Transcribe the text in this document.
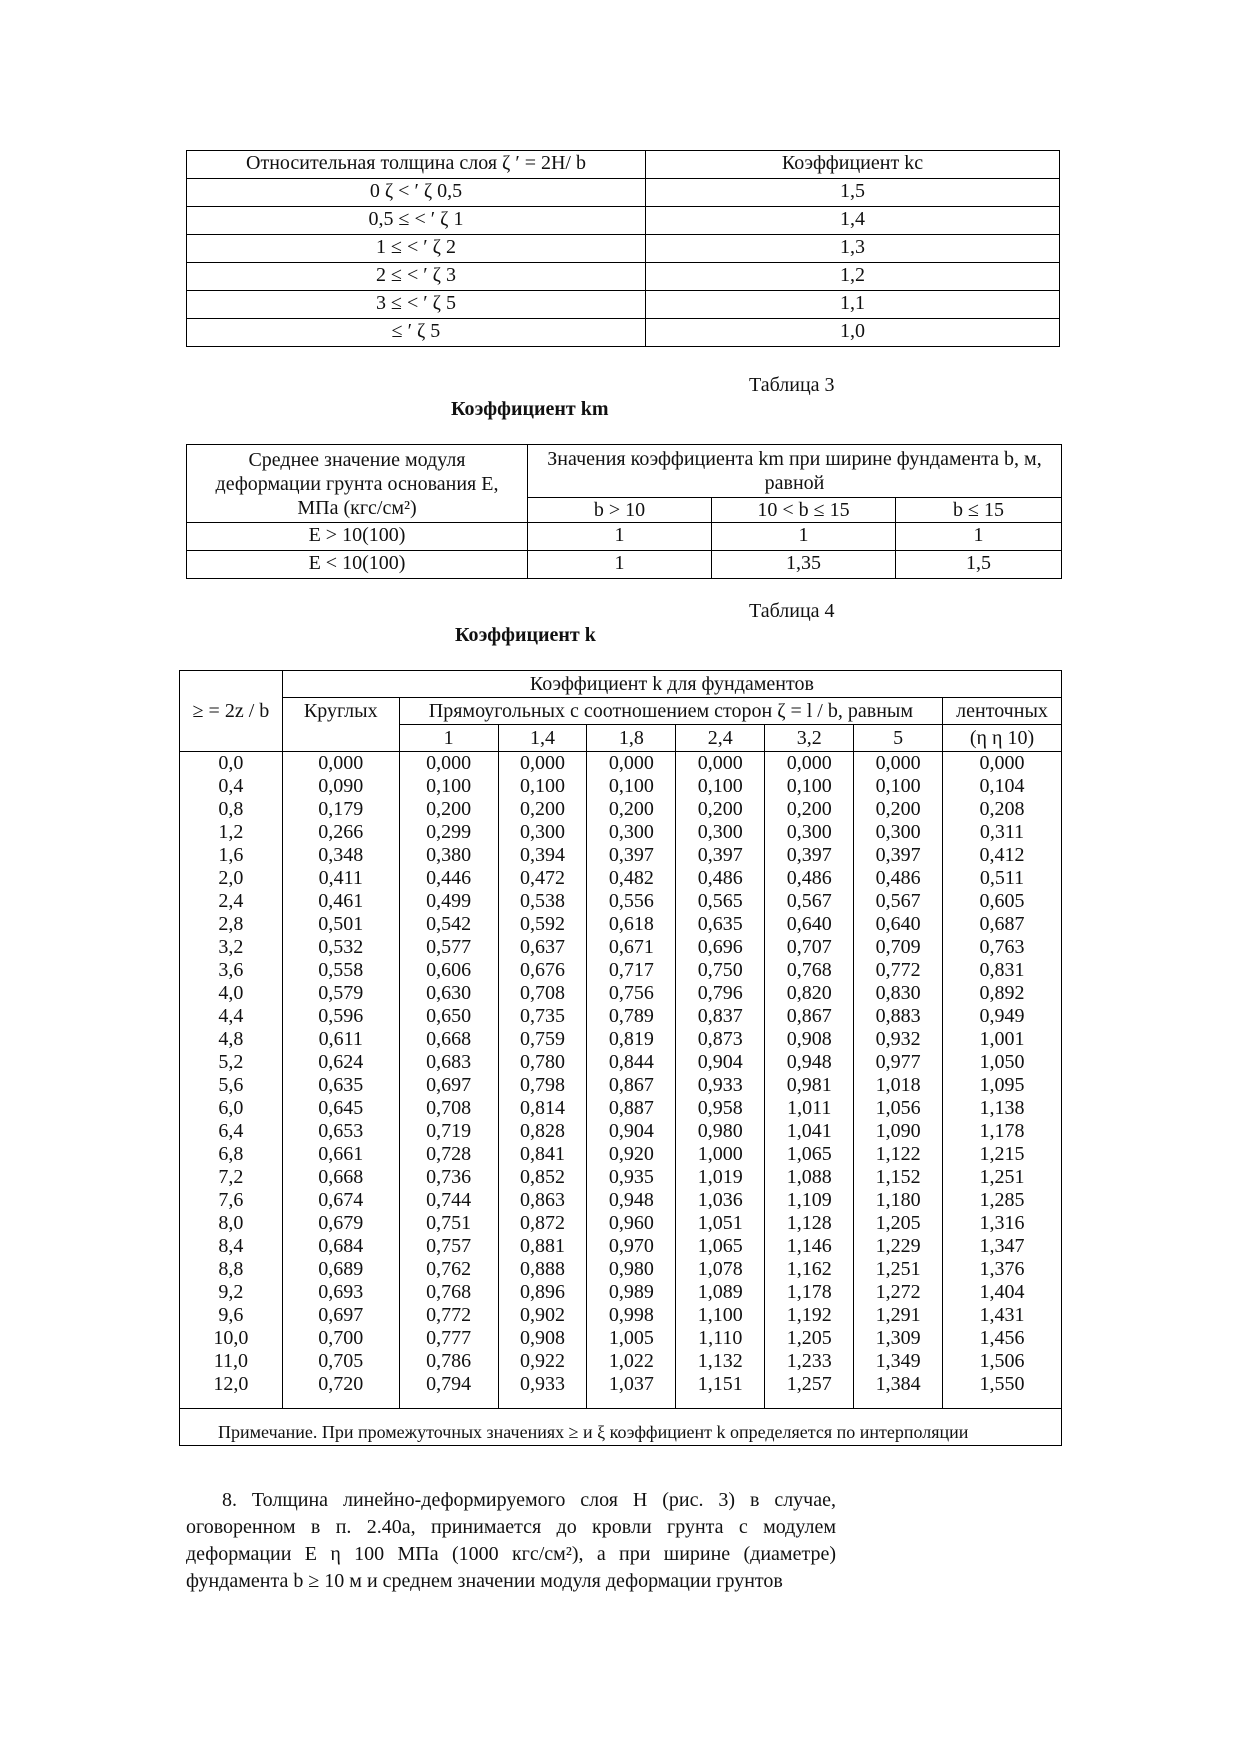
Относительная толщина слоя ζ ′ = 2H/ b	Коэффициент kc
0 ζ < ′ ζ 0,5	1,5
0,5 ≤ < ′ ζ 1	1,4
1 ≤ < ′ ζ 2	1,3
2 ≤ < ′ ζ 3	1,2
3 ≤ < ′ ζ 5	1,1
≤ ′ ζ 5	1,0
Таблица 3
Коэффициент km
Среднее значение модуля деформации грунта основания E, МПа (кгс/см²)	Значения коэффициента km при ширине фундамента b, м, равной		
	b > 10	10 < b ≤ 15	b ≤ 15
E > 10(100)	1	1	1
E < 10(100)	1	1,35	1,5
Таблица 4
Коэффициент k
≥ = 2z / b	Коэффициент k для фундаментов							
	Круглых	Прямоугольных с соотношением сторон ζ = l / b, равным						ленточных
		1	1,4	1,8	2,4	3,2	5	(η η 10)
0,0	0,000	0,000	0,000	0,000	0,000	0,000	0,000	0,000
0,4	0,090	0,100	0,100	0,100	0,100	0,100	0,100	0,104
0,8	0,179	0,200	0,200	0,200	0,200	0,200	0,200	0,208
1,2	0,266	0,299	0,300	0,300	0,300	0,300	0,300	0,311
1,6	0,348	0,380	0,394	0,397	0,397	0,397	0,397	0,412
2,0	0,411	0,446	0,472	0,482	0,486	0,486	0,486	0,511
2,4	0,461	0,499	0,538	0,556	0,565	0,567	0,567	0,605
2,8	0,501	0,542	0,592	0,618	0,635	0,640	0,640	0,687
3,2	0,532	0,577	0,637	0,671	0,696	0,707	0,709	0,763
3,6	0,558	0,606	0,676	0,717	0,750	0,768	0,772	0,831
4,0	0,579	0,630	0,708	0,756	0,796	0,820	0,830	0,892
4,4	0,596	0,650	0,735	0,789	0,837	0,867	0,883	0,949
4,8	0,611	0,668	0,759	0,819	0,873	0,908	0,932	1,001
5,2	0,624	0,683	0,780	0,844	0,904	0,948	0,977	1,050
5,6	0,635	0,697	0,798	0,867	0,933	0,981	1,018	1,095
6,0	0,645	0,708	0,814	0,887	0,958	1,011	1,056	1,138
6,4	0,653	0,719	0,828	0,904	0,980	1,041	1,090	1,178
6,8	0,661	0,728	0,841	0,920	1,000	1,065	1,122	1,215
7,2	0,668	0,736	0,852	0,935	1,019	1,088	1,152	1,251
7,6	0,674	0,744	0,863	0,948	1,036	1,109	1,180	1,285
8,0	0,679	0,751	0,872	0,960	1,051	1,128	1,205	1,316
8,4	0,684	0,757	0,881	0,970	1,065	1,146	1,229	1,347
8,8	0,689	0,762	0,888	0,980	1,078	1,162	1,251	1,376
9,2	0,693	0,768	0,896	0,989	1,089	1,178	1,272	1,404
9,6	0,697	0,772	0,902	0,998	1,100	1,192	1,291	1,431
10,0	0,700	0,777	0,908	1,005	1,110	1,205	1,309	1,456
11,0	0,705	0,786	0,922	1,022	1,132	1,233	1,349	1,506
12,0	0,720	0,794	0,933	1,037	1,151	1,257	1,384	1,550
Примечание. При промежуточных значениях ≥ и ξ коэффициент k определяется по интерполяции								
8. Толщина линейно-деформируемого слоя H (рис. 3) в случае, оговоренном в п. 2.40а, принимается до кровли грунта с модулем деформации E η 100 МПа (1000 кгс/см²), а при ширине (диаметре) фундамента b ≥ 10 м и среднем значении модуля деформации грунтов
